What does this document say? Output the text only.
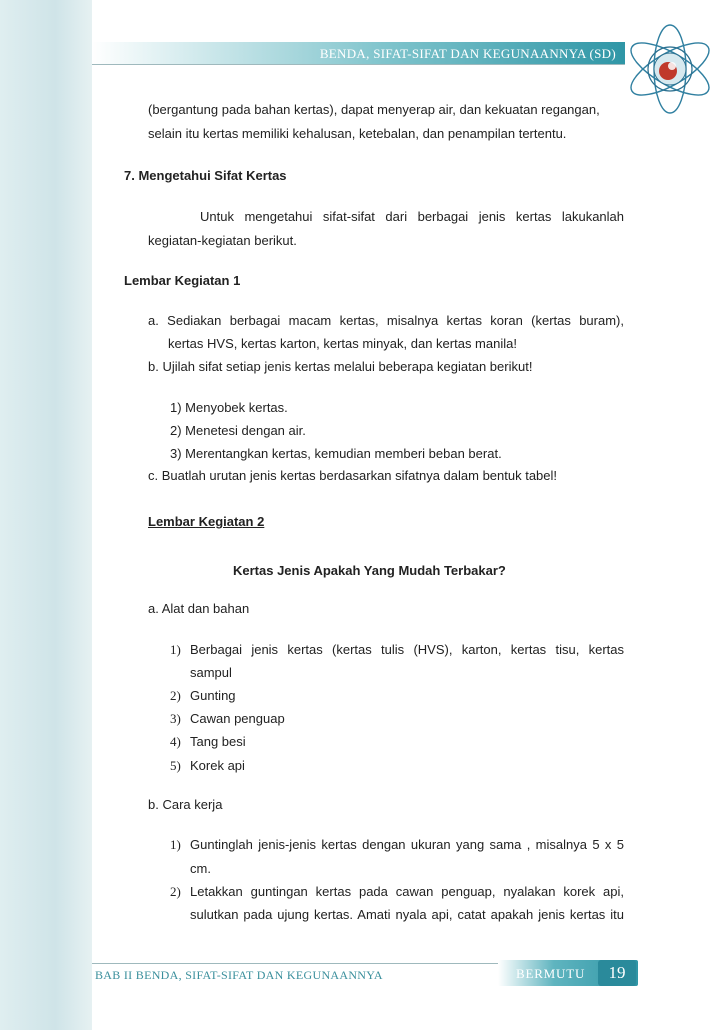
BENDA, SIFAT-SIFAT DAN KEGUNAANNYA (SD)
(bergantung pada bahan kertas), dapat menyerap air, dan kekuatan regangan,
selain itu kertas memiliki kehalusan, ketebalan, dan penampilan tertentu.
7. Mengetahui Sifat Kertas
Untuk mengetahui sifat-sifat dari berbagai jenis kertas lakukanlah
kegiatan-kegiatan berikut.
Lembar Kegiatan 1
a. Sediakan berbagai macam kertas, misalnya kertas koran (kertas buram),
kertas HVS, kertas karton, kertas minyak, dan kertas manila!
b. Ujilah sifat setiap jenis kertas melalui beberapa kegiatan berikut!
1) Menyobek kertas.
2) Menetesi dengan air.
3) Merentangkan kertas, kemudian memberi beban berat.
c. Buatlah urutan jenis kertas berdasarkan sifatnya dalam bentuk tabel!
Lembar Kegiatan 2
Kertas Jenis Apakah Yang Mudah Terbakar?
a. Alat dan bahan
1) Berbagai jenis kertas (kertas tulis (HVS), karton, kertas tisu, kertas
sampul
2) Gunting
3) Cawan penguap
4) Tang besi
5) Korek api
b. Cara kerja
1) Guntinglah jenis-jenis kertas dengan ukuran yang sama , misalnya 5 x 5
cm.
2) Letakkan guntingan kertas pada cawan penguap, nyalakan korek api,
sulutkan pada ujung kertas. Amati nyala api, catat apakah jenis kertas itu
BAB II BENDA, SIFAT-SIFAT DAN KEGUNAANNYA	BERMUTU	19
